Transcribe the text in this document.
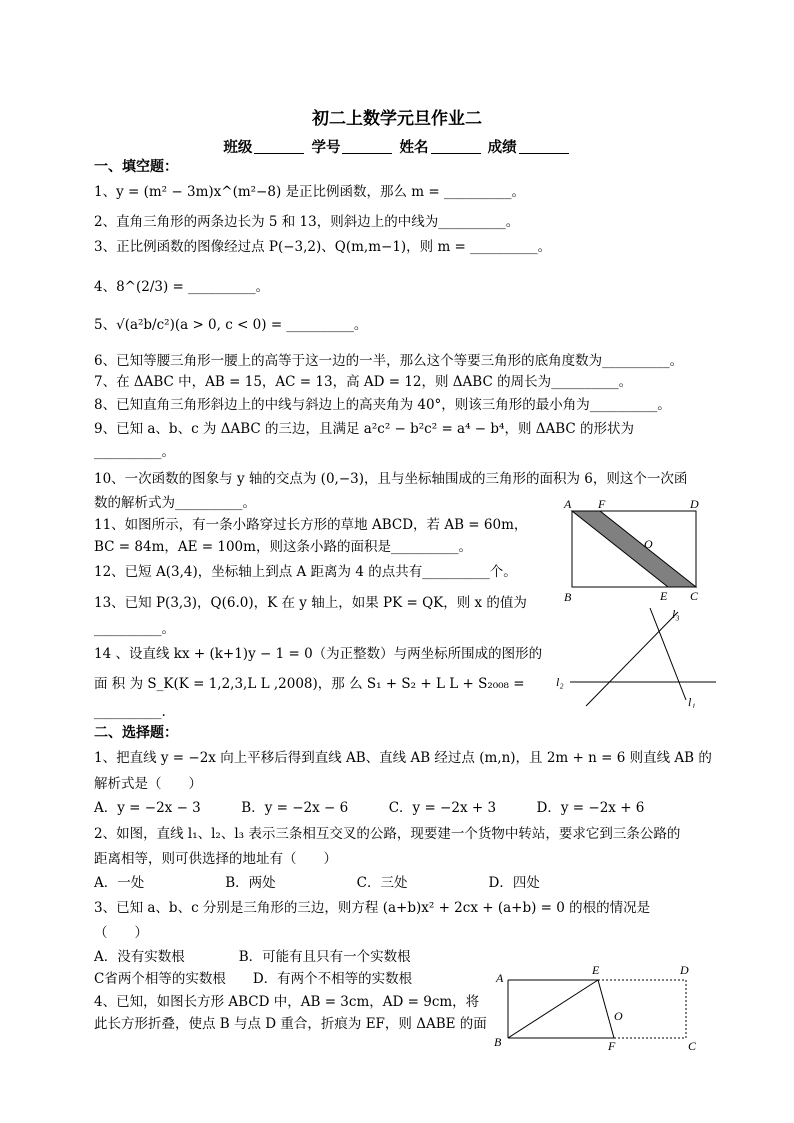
初二上数学元旦作业二
班级	学号	姓名	成绩
一、填空题：
1、y = (m² − 3m)x^(m²−8) 是正比例函数，那么 m = __________。
2、直角三角形的两条边长为 5 和 13，则斜边上的中线为__________。
3、正比例函数的图像经过点 P(−3,2)、Q(m,m−1)，则 m = __________。
4、8^(2/3) = __________。
5、√(a²b/c²)(a > 0, c < 0) = __________。
6、已知等腰三角形一腰上的高等于这一边的一半，那么这个等要三角形的底角度数为__________。
7、在 ΔABC 中，AB = 15，AC = 13，高 AD = 12，则 ΔABC 的周长为__________。
8、已知直角三角形斜边上的中线与斜边上的高夹角为 40°，则该三角形的最小角为__________。
9、已知 a、b、c 为 ΔABC 的三边，且满足 a²c² − b²c² = a⁴ − b⁴，则 ΔABC 的形状为
__________。
10、一次函数的图象与 y 轴的交点为 (0,−3)，且与坐标轴围成的三角形的面积为 6，则这个一次函
数的解析式为__________。
11、如图所示，有一条小路穿过长方形的草地 ABCD，若 AB = 60m，
BC = 84m，AE = 100m，则这条小路的面积是__________。
12、已短 A(3,4)，坐标轴上到点 A 距离为 4 的点共有__________个。
13、已知 P(3,3)，Q(6.0)，K 在 y 轴上，如果 PK = QK，则 x 的值为
__________。
14 、设直线 kx + (k+1)y − 1 = 0（为正整数）与两坐标所围成的图形的
面 积 为 S_K(K = 1,2,3,L L ,2008)，那 么 S₁ + S₂ + L L + S₂₀₀₈ =
__________.
二、选择题：
1、把直线 y = −2x 向上平移后得到直线 AB、直线 AB 经过点 (m,n)，且 2m + n = 6 则直线 AB 的
解析式是（　　）
A．y = −2x − 3　　　B．y = −2x − 6　　　C．y = −2x + 3　　　D．y = −2x + 6
2、如图，直线 l₁、l₂、l₃ 表示三条相互交叉的公路，现要建一个货物中转站，要求它到三条公路的
距离相等，则可供选择的地址有（　　）
A．一处　　　　　　B．两处　　　　　　C．三处　　　　　　D．四处
3、已知 a、b、c 分别是三角形的三边，则方程 (a+b)x² + 2cx + (a+b) = 0 的根的情况是
（　　）
A．没有实数根　　　　B．可能有且只有一个实数根
C省两个相等的实数根　　D．有两个不相等的实数根
4、已知，如图长方形 ABCD 中，AB = 3cm，AD = 9cm，将
此长方形折叠，使点 B 与点 D 重合，折痕为 EF，则 ΔABE 的面
A F	D
O
B	E C
l₃
l₂
l₁
A
E	D
O
B	F	C
